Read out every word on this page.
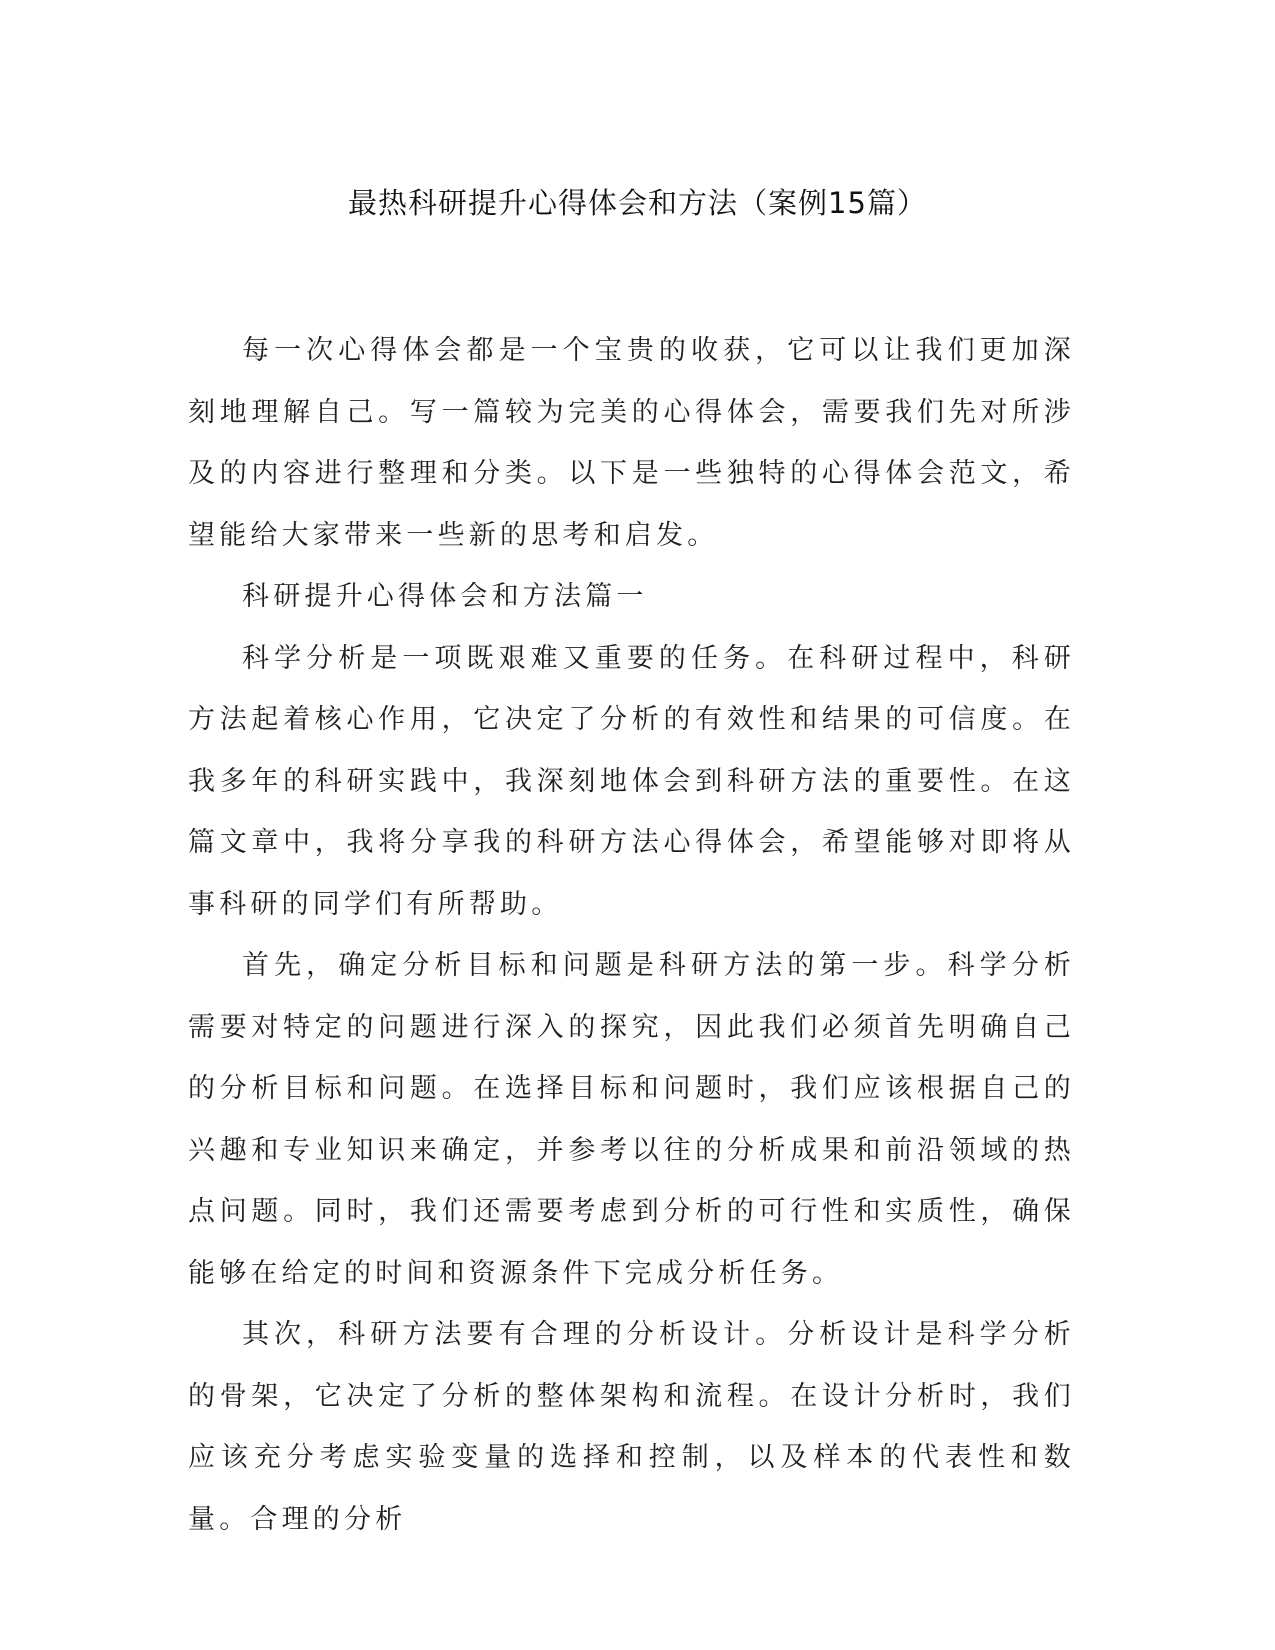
最热科研提升心得体会和方法（案例15篇）

每一次心得体会都是一个宝贵的收获，它可以让我们更加深刻地理解自己。写一篇较为完美的心得体会，需要我们先对所涉及的内容进行整理和分类。以下是一些独特的心得体会范文，希望能给大家带来一些新的思考和启发。

科研提升心得体会和方法篇一

科学分析是一项既艰难又重要的任务。在科研过程中，科研方法起着核心作用，它决定了分析的有效性和结果的可信度。在我多年的科研实践中，我深刻地体会到科研方法的重要性。在这篇文章中，我将分享我的科研方法心得体会，希望能够对即将从事科研的同学们有所帮助。

首先，确定分析目标和问题是科研方法的第一步。科学分析需要对特定的问题进行深入的探究，因此我们必须首先明确自己的分析目标和问题。在选择目标和问题时，我们应该根据自己的兴趣和专业知识来确定，并参考以往的分析成果和前沿领域的热点问题。同时，我们还需要考虑到分析的可行性和实质性，确保能够在给定的时间和资源条件下完成分析任务。

其次，科研方法要有合理的分析设计。分析设计是科学分析的骨架，它决定了分析的整体架构和流程。在设计分析时，我们应该充分考虑实验变量的选择和控制，以及样本的代表性和数量。合理的分析
